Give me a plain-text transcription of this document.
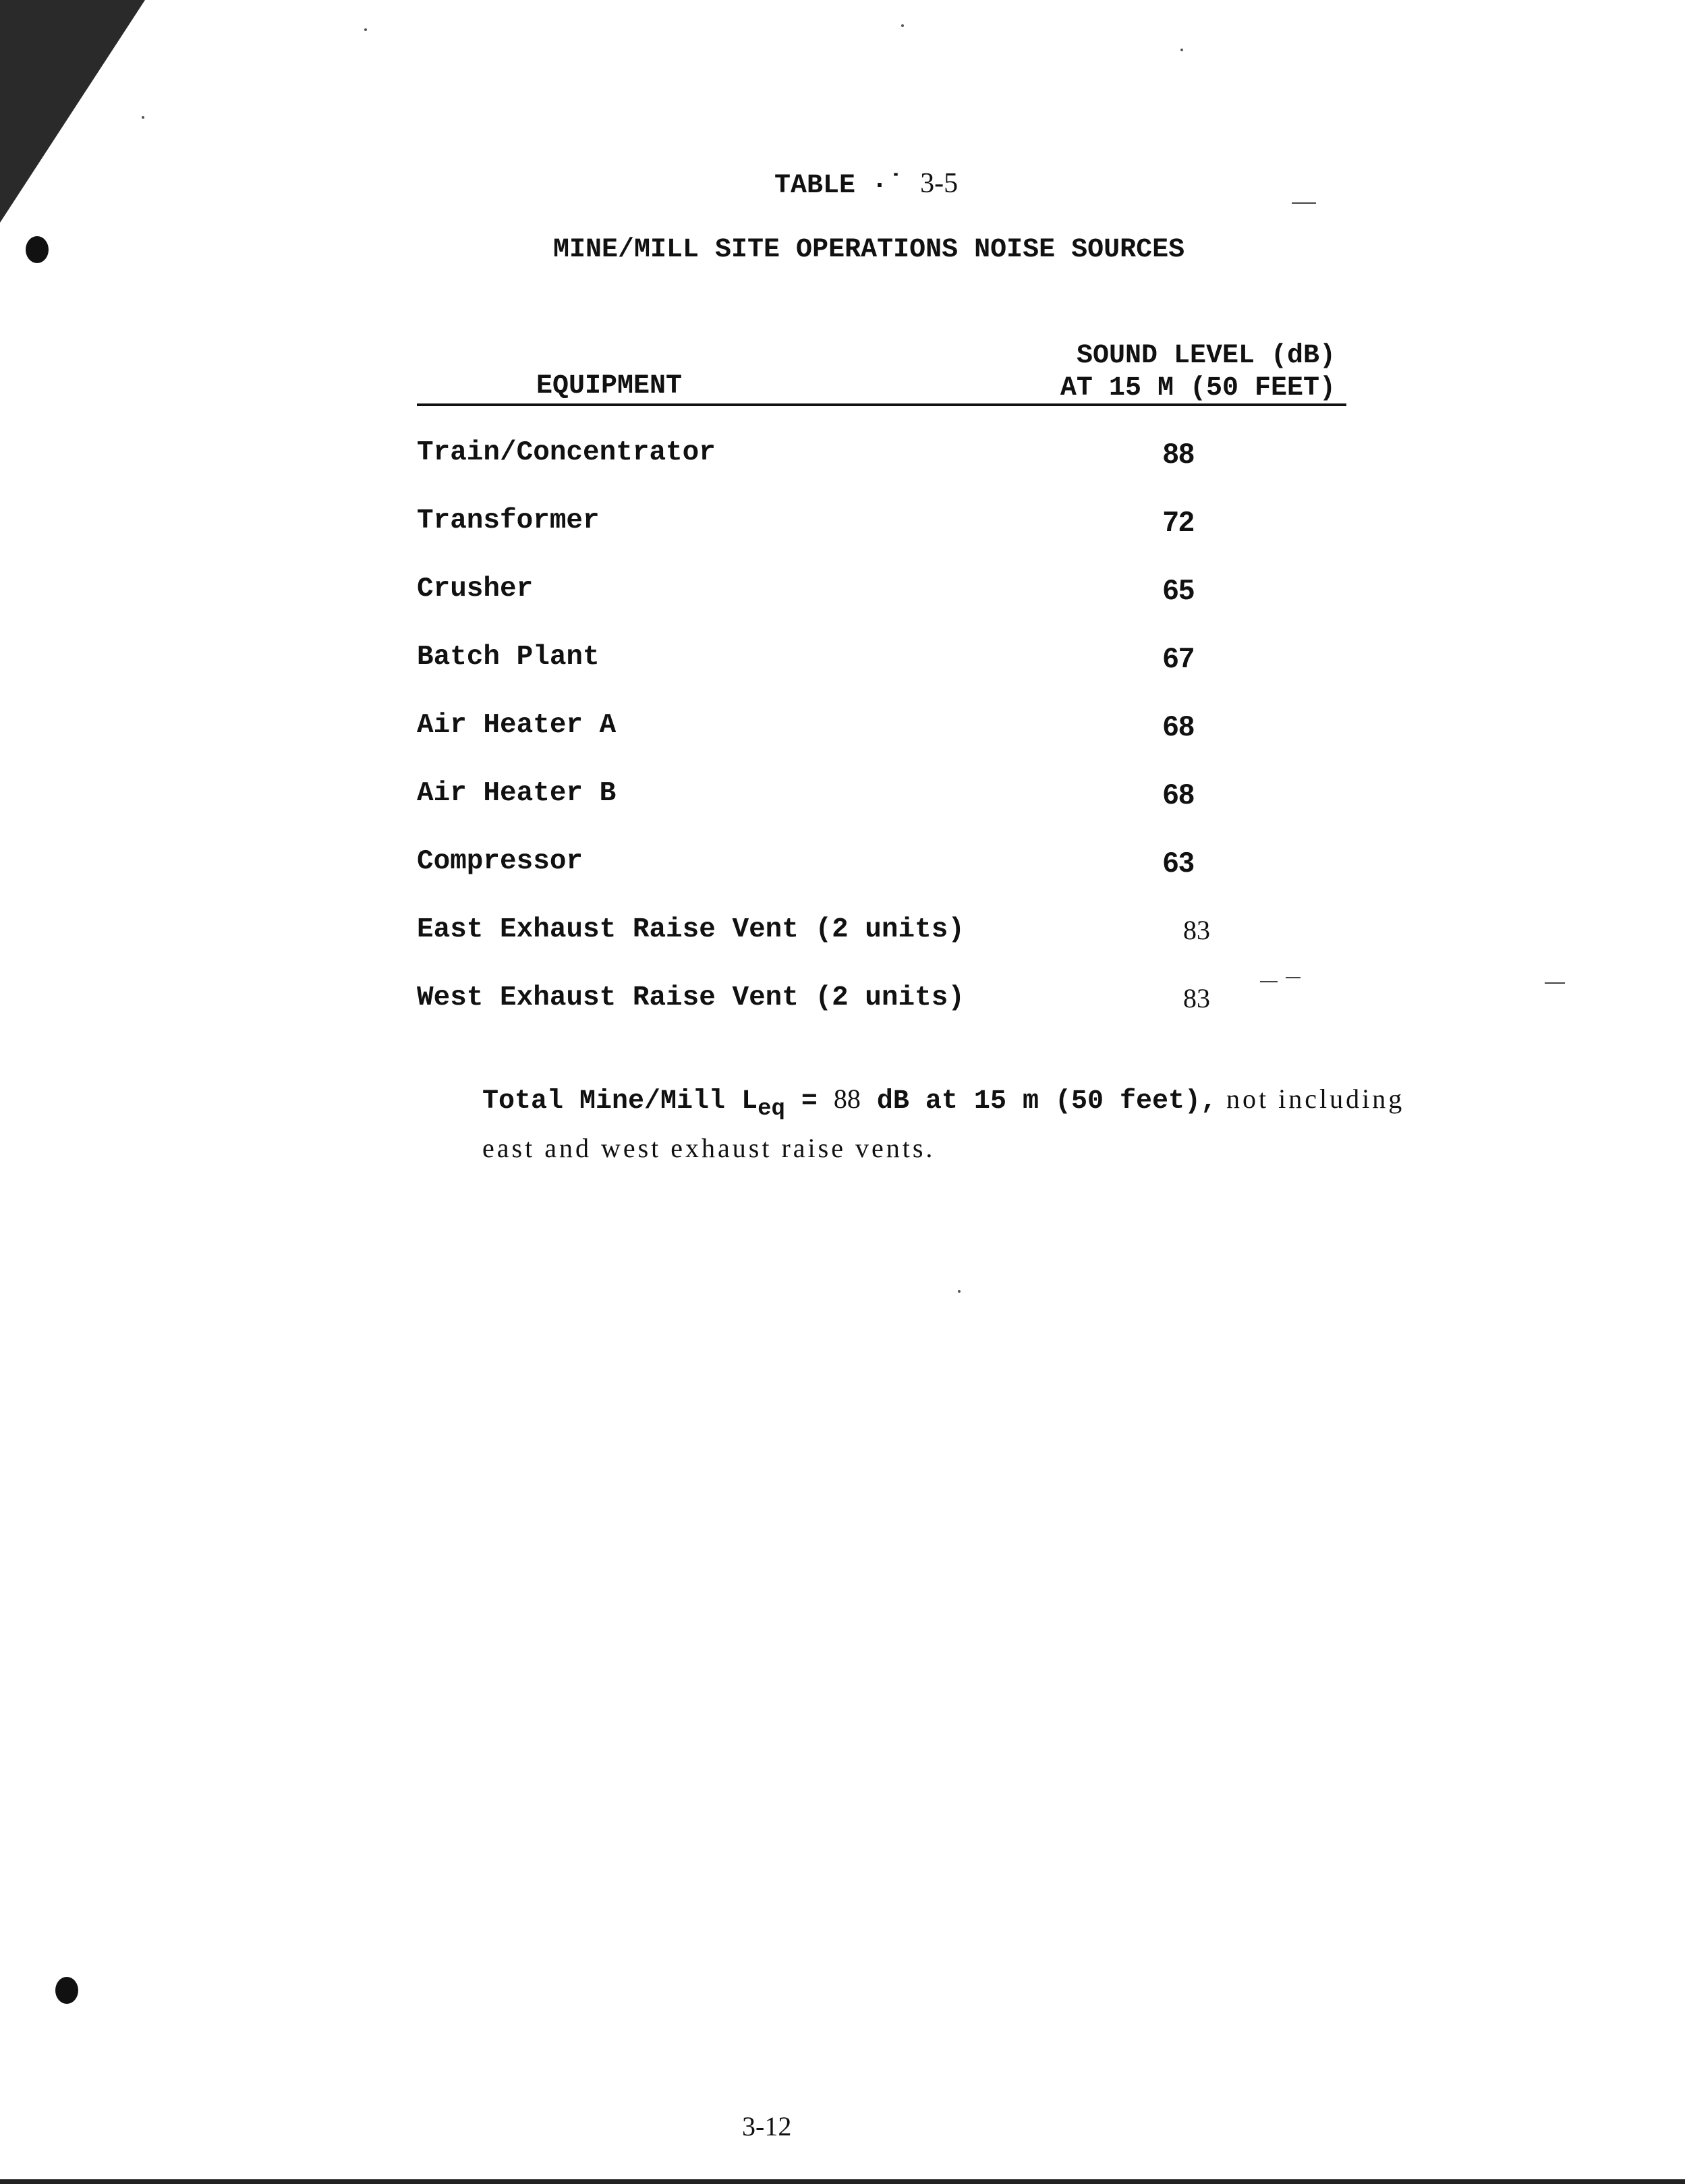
TABLE ·˙ 3-5
MINE/MILL SITE OPERATIONS NOISE SOURCES
EQUIPMENT
SOUND LEVEL (dB)
AT 15 M (50 FEET)
Train/Concentrator	88
Transformer	72
Crusher	65
Batch Plant	67
Air Heater A	68
Air Heater B	68
Compressor	63
East Exhaust Raise Vent (2 units)	83
West Exhaust Raise Vent (2 units)	83
Total Mine/Mill $L_{eq} = 88$ dB at 15 m (50 feet), not including
east and west exhaust raise vents.
3-12
